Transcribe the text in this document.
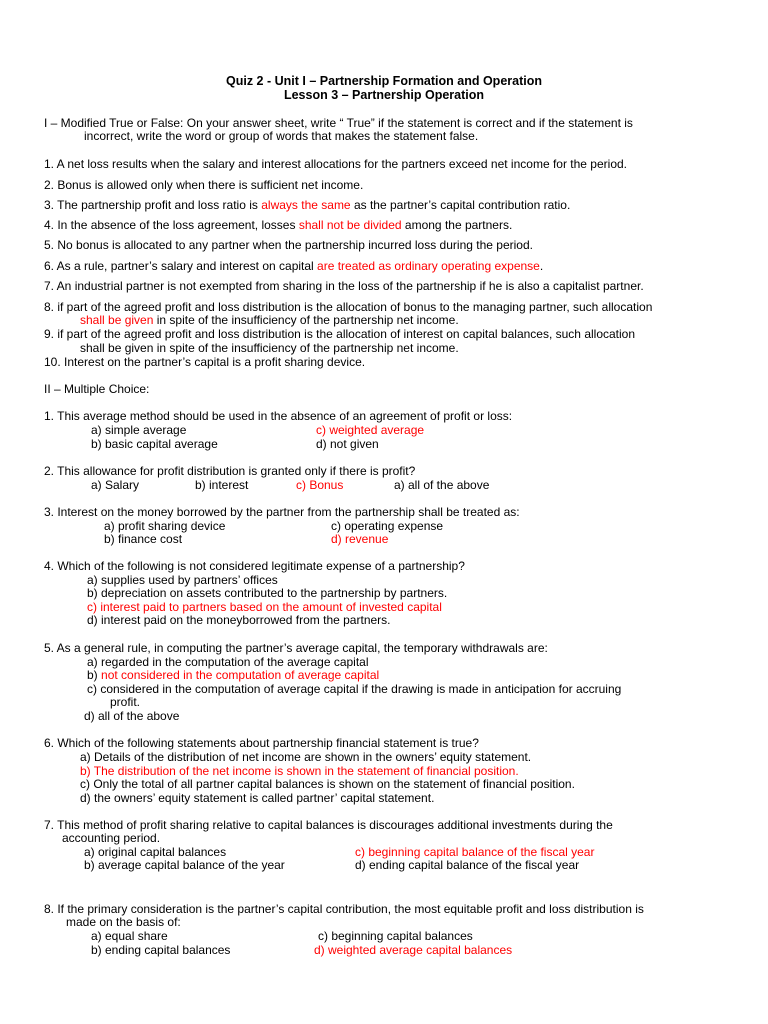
Quiz 2 - Unit I – Partnership Formation and Operation
Lesson 3 – Partnership Operation
I – Modified True or False: On your answer sheet, write “ True” if the statement is correct and if the statement is
incorrect, write the word or group of words that makes the statement false.
1. A net loss results when the salary and interest allocations for the partners exceed net income for the period.
2. Bonus is allowed only when there is sufficient net income.
3. The partnership profit and loss ratio is always the same as the partner’s capital contribution ratio.
4. In the absence of the loss agreement, losses shall not be divided among the partners.
5. No bonus is allocated to any partner when the partnership incurred loss during the period.
6. As a rule, partner’s salary and interest on capital are treated as ordinary operating expense.
7. An industrial partner is not exempted from sharing in the loss of the partnership if he is also a capitalist partner.
8. if part of the agreed profit and loss distribution is the allocation of bonus to the managing partner, such allocation
shall be given in spite of the insufficiency of the partnership net income.
9. if part of the agreed profit and loss distribution is the allocation of interest on capital balances, such allocation
shall be given in spite of the insufficiency of the partnership net income.
10. Interest on the partner’s capital is a profit sharing device.
II – Multiple Choice:
1. This average method should be used in the absence of an agreement of profit or loss:
a) simple average	c) weighted average
b) basic capital average	d) not given
2. This allowance for profit distribution is granted only if there is profit?
a) Salary	b) interest	c) Bonus	a) all of the above
3. Interest on the money borrowed by the partner from the partnership shall be treated as:
a) profit sharing device	c) operating expense
b) finance cost	d) revenue
4. Which of the following is not considered legitimate expense of a partnership?
a) supplies used by partners’ offices
b) depreciation on assets contributed to the partnership by partners.
c) interest paid to partners based on the amount of invested capital
d) interest paid on the moneyborrowed from the partners.
5. As a general rule, in computing the partner’s average capital, the temporary withdrawals are:
a) regarded in the computation of the average capital
b) not considered in the computation of average capital
c) considered in the computation of average capital if the drawing is made in anticipation for accruing
profit.
d) all of the above
6. Which of the following statements about partnership financial statement is true?
a) Details of the distribution of net income are shown in the owners’ equity statement.
b) The distribution of the net income is shown in the statement of financial position.
c) Only the total of all partner capital balances is shown on the statement of financial position.
d) the owners’ equity statement is called partner’ capital statement.
7. This method of profit sharing relative to capital balances is discourages additional investments during the
accounting period.
a) original capital balances	c) beginning capital balance of the fiscal year
b) average capital balance of the year	d) ending capital balance of the fiscal year
8. If the primary consideration is the partner’s capital contribution, the most equitable profit and loss distribution is
made on the basis of:
a) equal share	c) beginning capital balances
b) ending capital balances	d) weighted average capital balances
